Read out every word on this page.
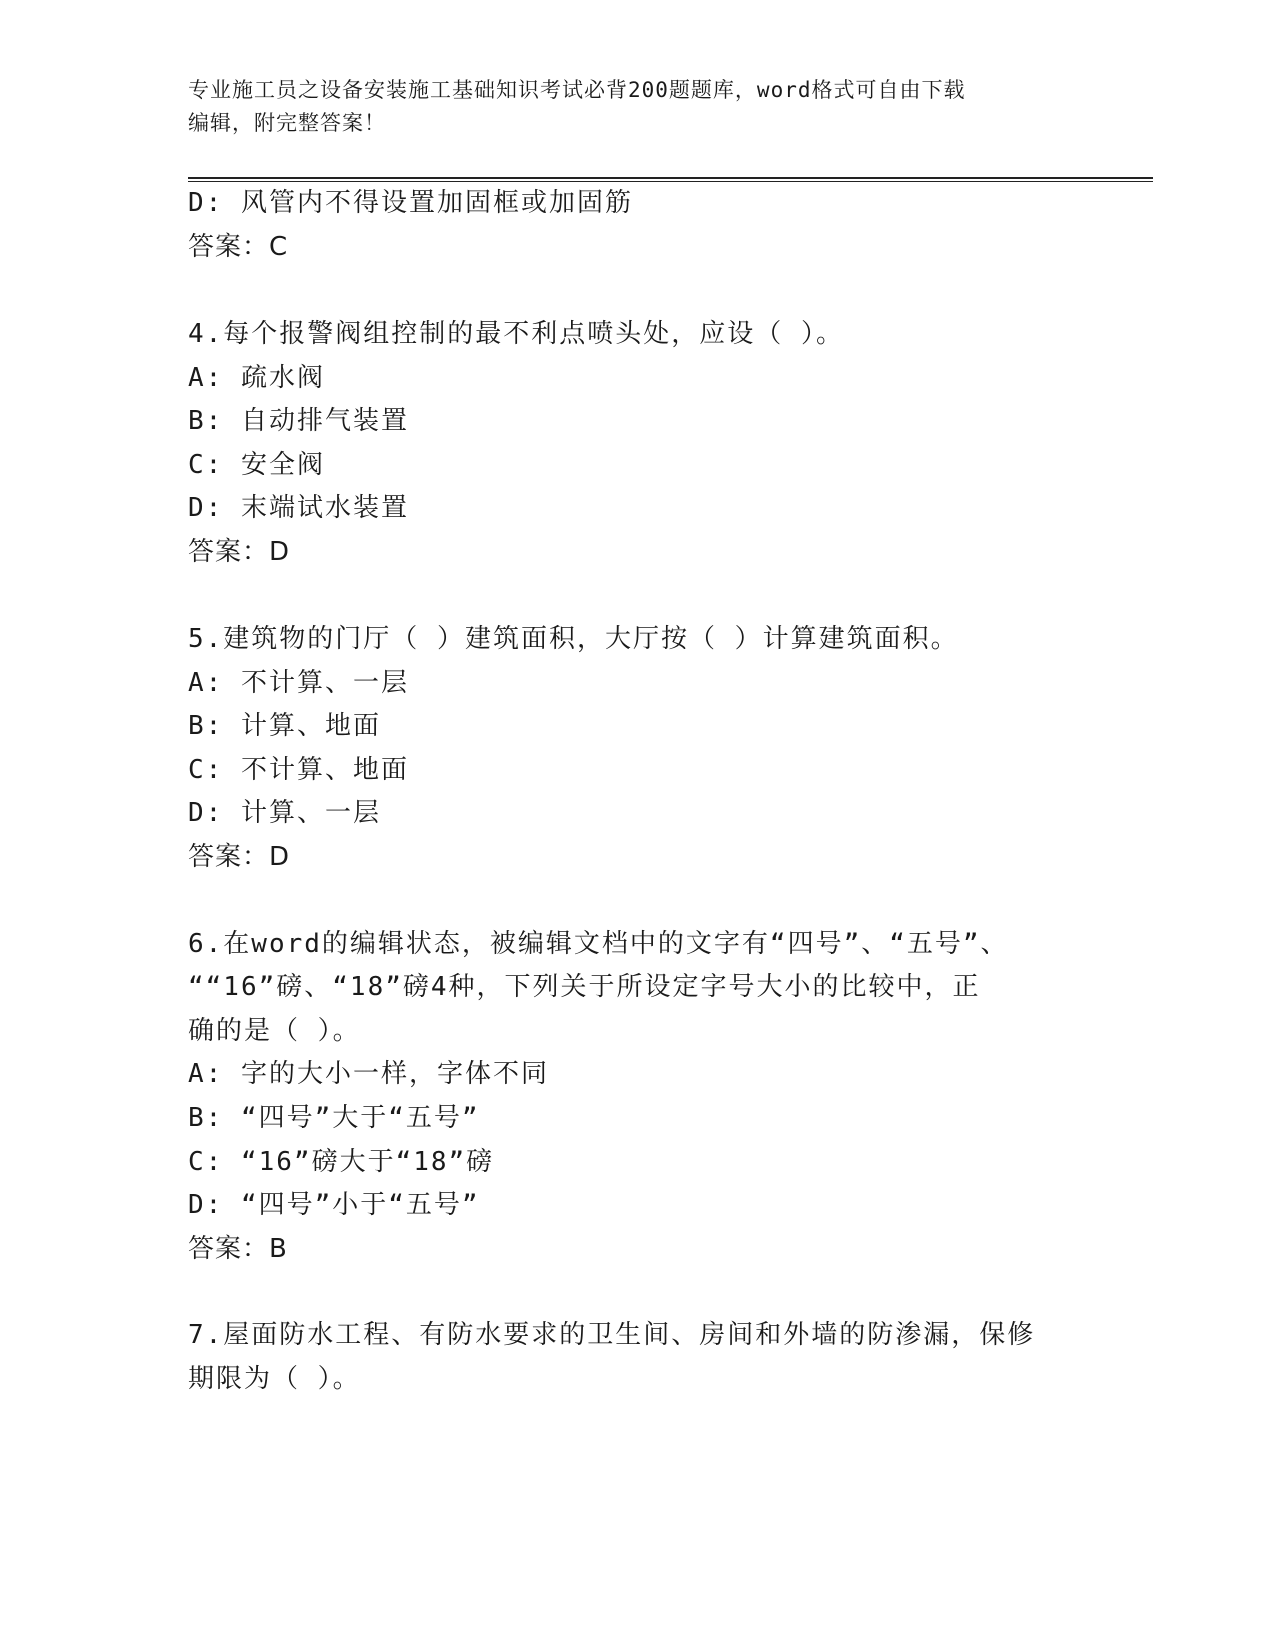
专业施工员之设备安装施工基础知识考试必背200题题库，word格式可自由下载
编辑，附完整答案！
D: 风管内不得设置加固框或加固筋
答案：C
4.每个报警阀组控制的最不利点喷头处，应设（ ）。
A: 疏水阀
B: 自动排气装置
C: 安全阀
D: 末端试水装置
答案：D
5.建筑物的门厅（ ）建筑面积，大厅按（ ）计算建筑面积。
A: 不计算、一层
B: 计算、地面
C: 不计算、地面
D: 计算、一层
答案：D
6.在word的编辑状态，被编辑文档中的文字有“四号”、“五号”、
““16”磅、“18”磅4种，下列关于所设定字号大小的比较中，正
确的是（ ）。
A: 字的大小一样，字体不同
B: “四号”大于“五号”
C: “16”磅大于“18”磅
D: “四号”小于“五号”
答案：B
7.屋面防水工程、有防水要求的卫生间、房间和外墙的防渗漏，保修
期限为（ ）。
